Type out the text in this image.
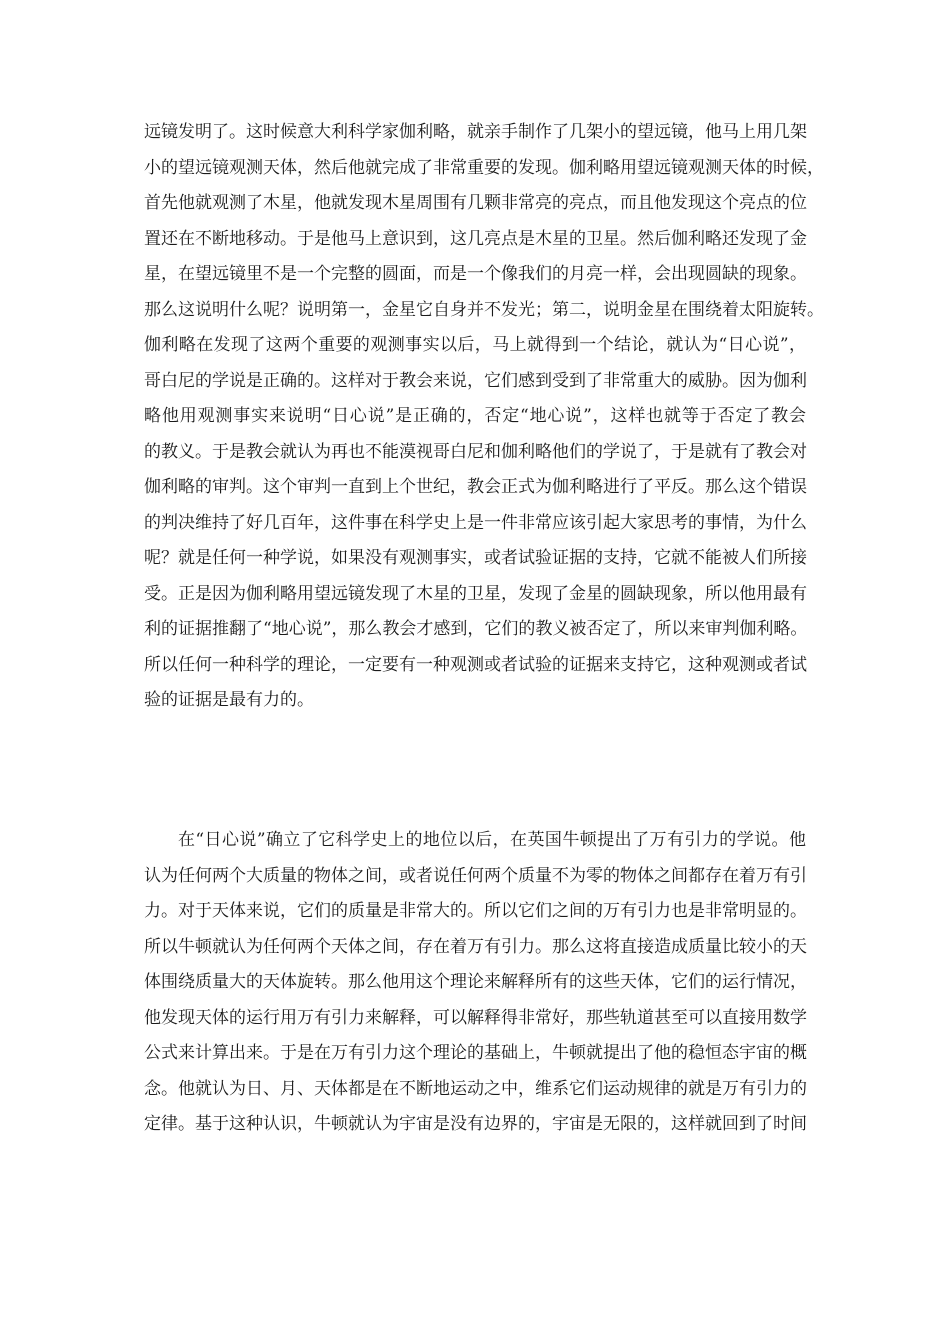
远镜发明了。这时候意大利科学家伽利略，就亲手制作了几架小的望远镜，他马上用几架
小的望远镜观测天体，然后他就完成了非常重要的发现。伽利略用望远镜观测天体的时候，
首先他就观测了木星，他就发现木星周围有几颗非常亮的亮点，而且他发现这个亮点的位
置还在不断地移动。于是他马上意识到，这几亮点是木星的卫星。然后伽利略还发现了金
星，在望远镜里不是一个完整的圆面，而是一个像我们的月亮一样，会出现圆缺的现象。
那么这说明什么呢？说明第一，金星它自身并不发光；第二，说明金星在围绕着太阳旋转。
伽利略在发现了这两个重要的观测事实以后，马上就得到一个结论，就认为“日心说”，
哥白尼的学说是正确的。这样对于教会来说，它们感到受到了非常重大的威胁。因为伽利
略他用观测事实来说明“日心说”是正确的，否定“地心说”，这样也就等于否定了教会
的教义。于是教会就认为再也不能漠视哥白尼和伽利略他们的学说了，于是就有了教会对
伽利略的审判。这个审判一直到上个世纪，教会正式为伽利略进行了平反。那么这个错误
的判决维持了好几百年，这件事在科学史上是一件非常应该引起大家思考的事情，为什么
呢？就是任何一种学说，如果没有观测事实，或者试验证据的支持，它就不能被人们所接
受。正是因为伽利略用望远镜发现了木星的卫星，发现了金星的圆缺现象，所以他用最有
利的证据推翻了“地心说”，那么教会才感到，它们的教义被否定了，所以来审判伽利略。
所以任何一种科学的理论，一定要有一种观测或者试验的证据来支持它，这种观测或者试
验的证据是最有力的。
在“日心说”确立了它科学史上的地位以后，在英国牛顿提出了万有引力的学说。他
认为任何两个大质量的物体之间，或者说任何两个质量不为零的物体之间都存在着万有引
力。对于天体来说，它们的质量是非常大的。所以它们之间的万有引力也是非常明显的。
所以牛顿就认为任何两个天体之间，存在着万有引力。那么这将直接造成质量比较小的天
体围绕质量大的天体旋转。那么他用这个理论来解释所有的这些天体，它们的运行情况，
他发现天体的运行用万有引力来解释，可以解释得非常好，那些轨道甚至可以直接用数学
公式来计算出来。于是在万有引力这个理论的基础上，牛顿就提出了他的稳恒态宇宙的概
念。他就认为日、月、天体都是在不断地运动之中，维系它们运动规律的就是万有引力的
定律。基于这种认识，牛顿就认为宇宙是没有边界的，宇宙是无限的，这样就回到了时间
